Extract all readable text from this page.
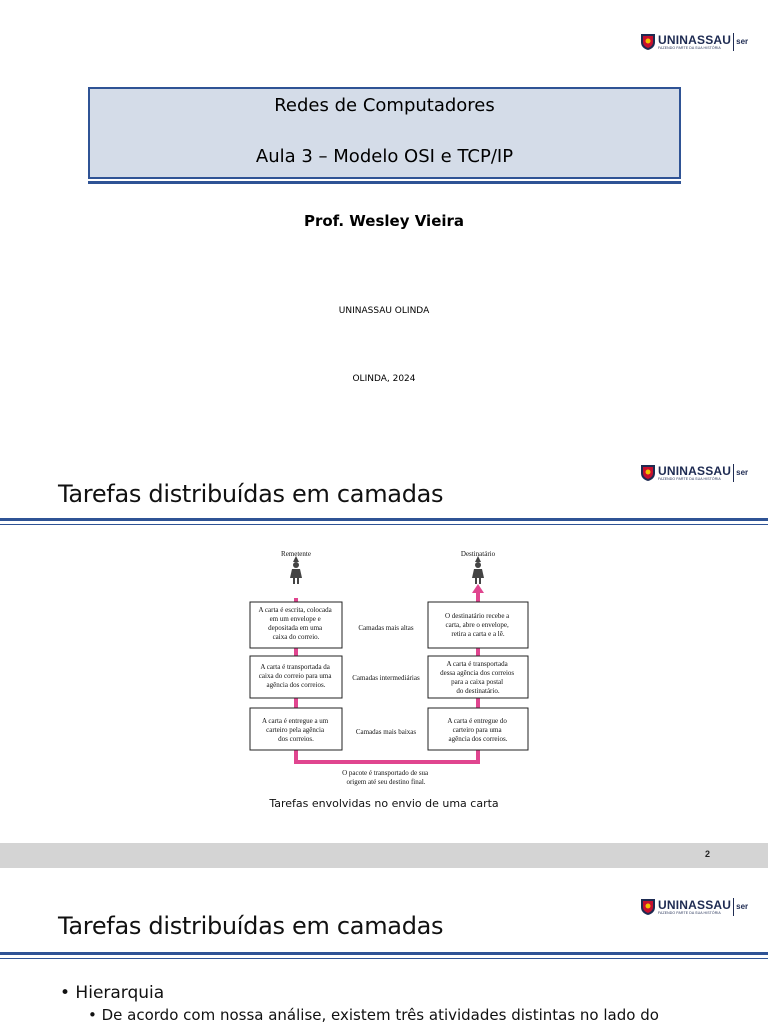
UNINASSAU
FAZENDO PARTE DA SUA HISTÓRIA
ser
Redes de Computadores
Aula 3 – Modelo OSI e TCP/IP
Prof. Wesley Vieira
UNINASSAU OLINDA
OLINDA, 2024
UNINASSAU
FAZENDO PARTE DA SUA HISTÓRIA
ser
Tarefas distribuídas em camadas
Remetente	Destinatário
A carta é escrita, colocada em um envelope e depositada em uma caixa do correio.
A carta é transportada da caixa do correio para uma agência dos correios.
A carta é entregue a um carteiro pela agência dos correios.
O destinatário recebe a carta, abre o envelope, retira a carta e a lê.
A carta é transportada dessa agência dos correios para a caixa postal do destinatário.
A carta é entregue do carteiro para uma agência dos correios.
Camadas mais altas
Camadas intermediárias
Camadas mais baixas
O pacote é transportado de sua origem até seu destino final.
Tarefas envolvidas no envio de uma carta
2
UNINASSAU
FAZENDO PARTE DA SUA HISTÓRIA
ser
Tarefas distribuídas em camadas
• Hierarquia
• De acordo com nossa análise, existem três atividades distintas no lado do
